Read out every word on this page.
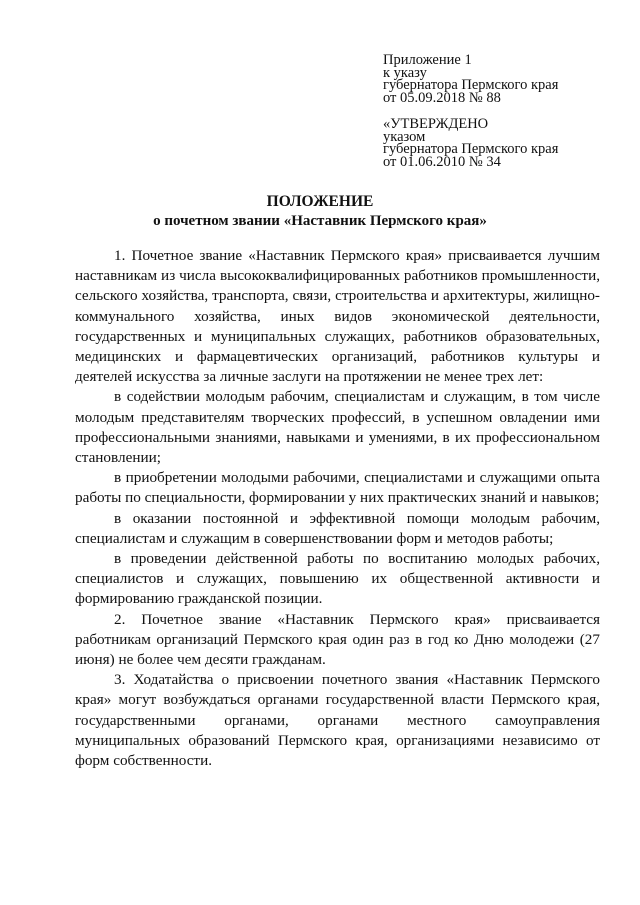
Приложение 1
к указу
губернатора Пермского края
от 05.09.2018 № 88
«УТВЕРЖДЕНО
указом
губернатора Пермского края
от 01.06.2010 № 34
ПОЛОЖЕНИЕ
о почетном звании «Наставник Пермского края»

1. Почетное звание «Наставник Пермского края» присваивается лучшим наставникам из числа высококвалифицированных работников промышленности, сельского хозяйства, транспорта, связи, строительства и архитектуры, жилищно-коммунального хозяйства, иных видов экономической деятельности, государственных и муниципальных служащих, работников образовательных, медицинских и фармацевтических организаций, работников культуры и деятелей искусства за личные заслуги на протяжении не менее трех лет:

в содействии молодым рабочим, специалистам и служащим, в том числе молодым представителям творческих профессий, в успешном овладении ими профессиональными знаниями, навыками и умениями, в их профессиональном становлении;

в приобретении молодыми рабочими, специалистами и служащими опыта работы по специальности, формировании у них практических знаний и навыков;

в оказании постоянной и эффективной помощи молодым рабочим, специалистам и служащим в совершенствовании форм и методов работы;

в проведении действенной работы по воспитанию молодых рабочих, специалистов и служащих, повышению их общественной активности и формированию гражданской позиции.

2. Почетное звание «Наставник Пермского края» присваивается работникам организаций Пермского края один раз в год ко Дню молодежи (27 июня) не более чем десяти гражданам.

3. Ходатайства о присвоении почетного звания «Наставник Пермского края» могут возбуждаться органами государственной власти Пермского края, государственными органами, органами местного самоуправления муниципальных образований Пермского края, организациями независимо от форм собственности.
